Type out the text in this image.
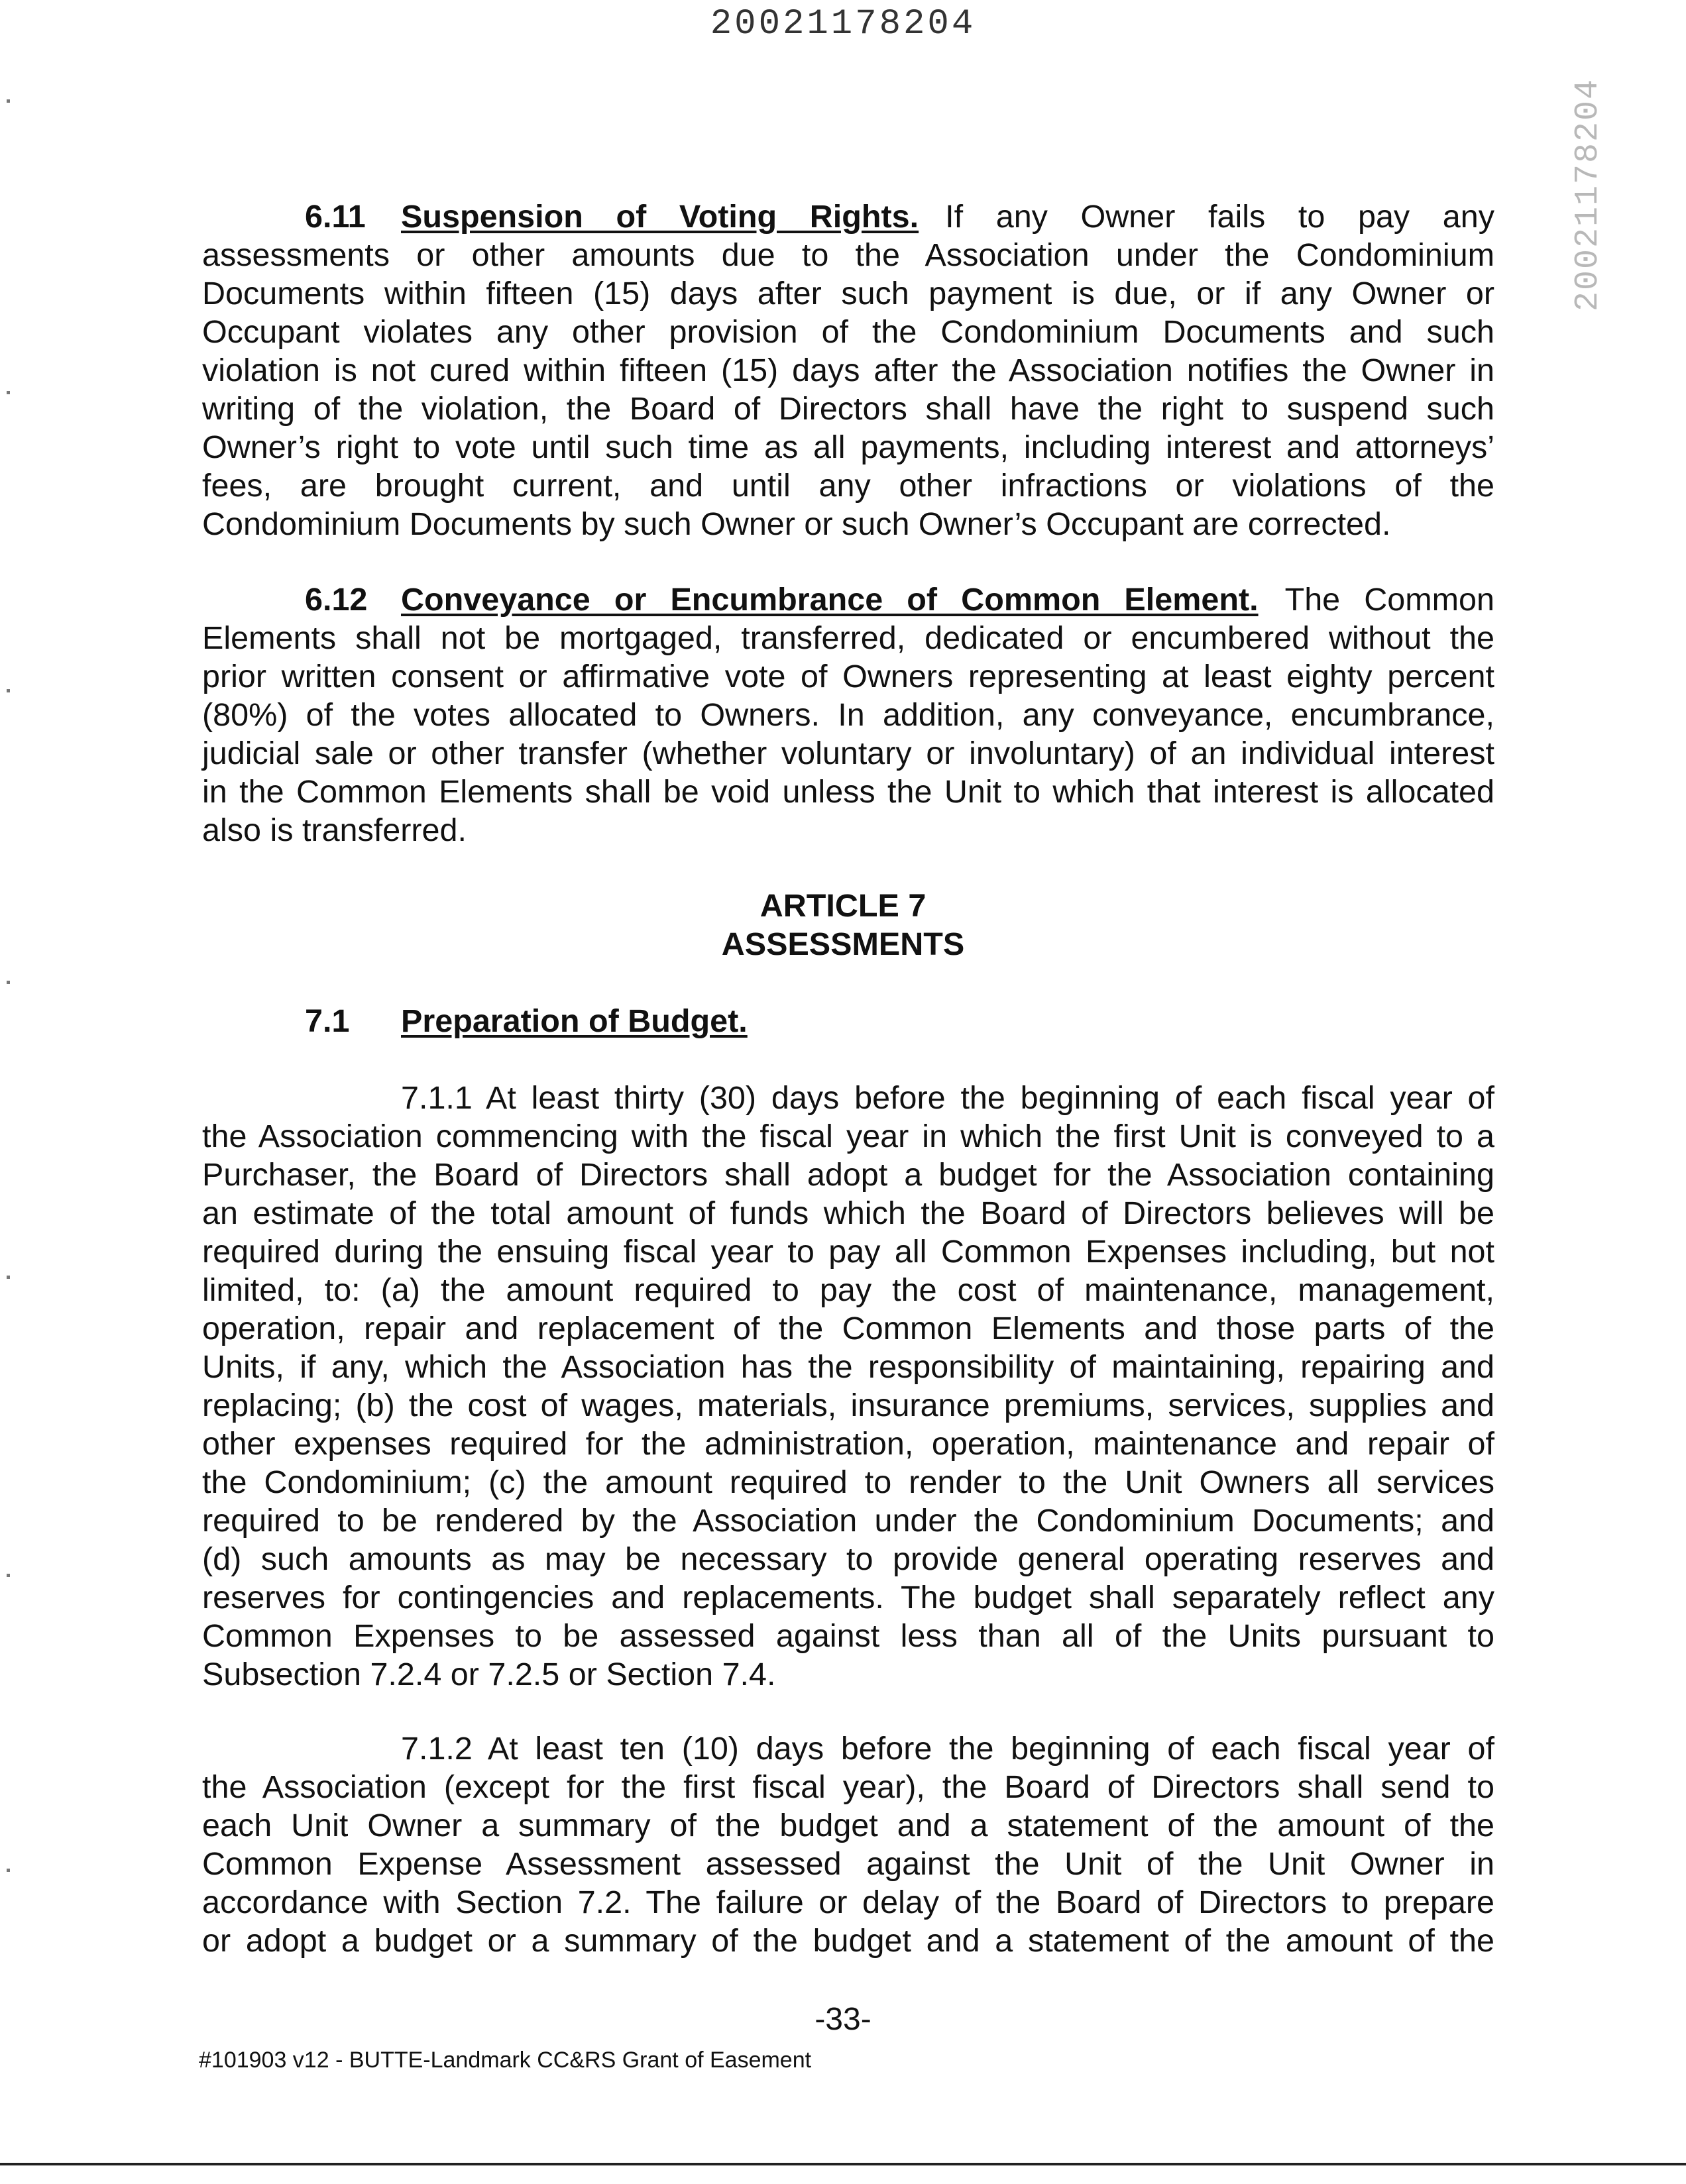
20021178204
20021178204
6.11 Suspension of Voting Rights. If any Owner fails to pay any
assessments or other amounts due to the Association under the Condominium
Documents within fifteen (15) days after such payment is due, or if any Owner or
Occupant violates any other provision of the Condominium Documents and such
violation is not cured within fifteen (15) days after the Association notifies the Owner in
writing of the violation, the Board of Directors shall have the right to suspend such
Owner’s right to vote until such time as all payments, including interest and attorneys’
fees, are brought current, and until any other infractions or violations of the
Condominium Documents by such Owner or such Owner’s Occupant are corrected.
6.12 Conveyance or Encumbrance of Common Element. The Common
Elements shall not be mortgaged, transferred, dedicated or encumbered without the
prior written consent or affirmative vote of Owners representing at least eighty percent
(80%) of the votes allocated to Owners. In addition, any conveyance, encumbrance,
judicial sale or other transfer (whether voluntary or involuntary) of an individual interest
in the Common Elements shall be void unless the Unit to which that interest is allocated
also is transferred.
ARTICLE 7
ASSESSMENTS
7.1 Preparation of Budget.
7.1.1 At least thirty (30) days before the beginning of each fiscal year of
the Association commencing with the fiscal year in which the first Unit is conveyed to a
Purchaser, the Board of Directors shall adopt a budget for the Association containing
an estimate of the total amount of funds which the Board of Directors believes will be
required during the ensuing fiscal year to pay all Common Expenses including, but not
limited, to: (a) the amount required to pay the cost of maintenance, management,
operation, repair and replacement of the Common Elements and those parts of the
Units, if any, which the Association has the responsibility of maintaining, repairing and
replacing; (b) the cost of wages, materials, insurance premiums, services, supplies and
other expenses required for the administration, operation, maintenance and repair of
the Condominium; (c) the amount required to render to the Unit Owners all services
required to be rendered by the Association under the Condominium Documents; and
(d) such amounts as may be necessary to provide general operating reserves and
reserves for contingencies and replacements. The budget shall separately reflect any
Common Expenses to be assessed against less than all of the Units pursuant to
Subsection 7.2.4 or 7.2.5 or Section 7.4.
7.1.2 At least ten (10) days before the beginning of each fiscal year of
the Association (except for the first fiscal year), the Board of Directors shall send to
each Unit Owner a summary of the budget and a statement of the amount of the
Common Expense Assessment assessed against the Unit of the Unit Owner in
accordance with Section 7.2. The failure or delay of the Board of Directors to prepare
or adopt a budget or a summary of the budget and a statement of the amount of the
-33-
#101903 v12 - BUTTE-Landmark CC&RS Grant of Easement
